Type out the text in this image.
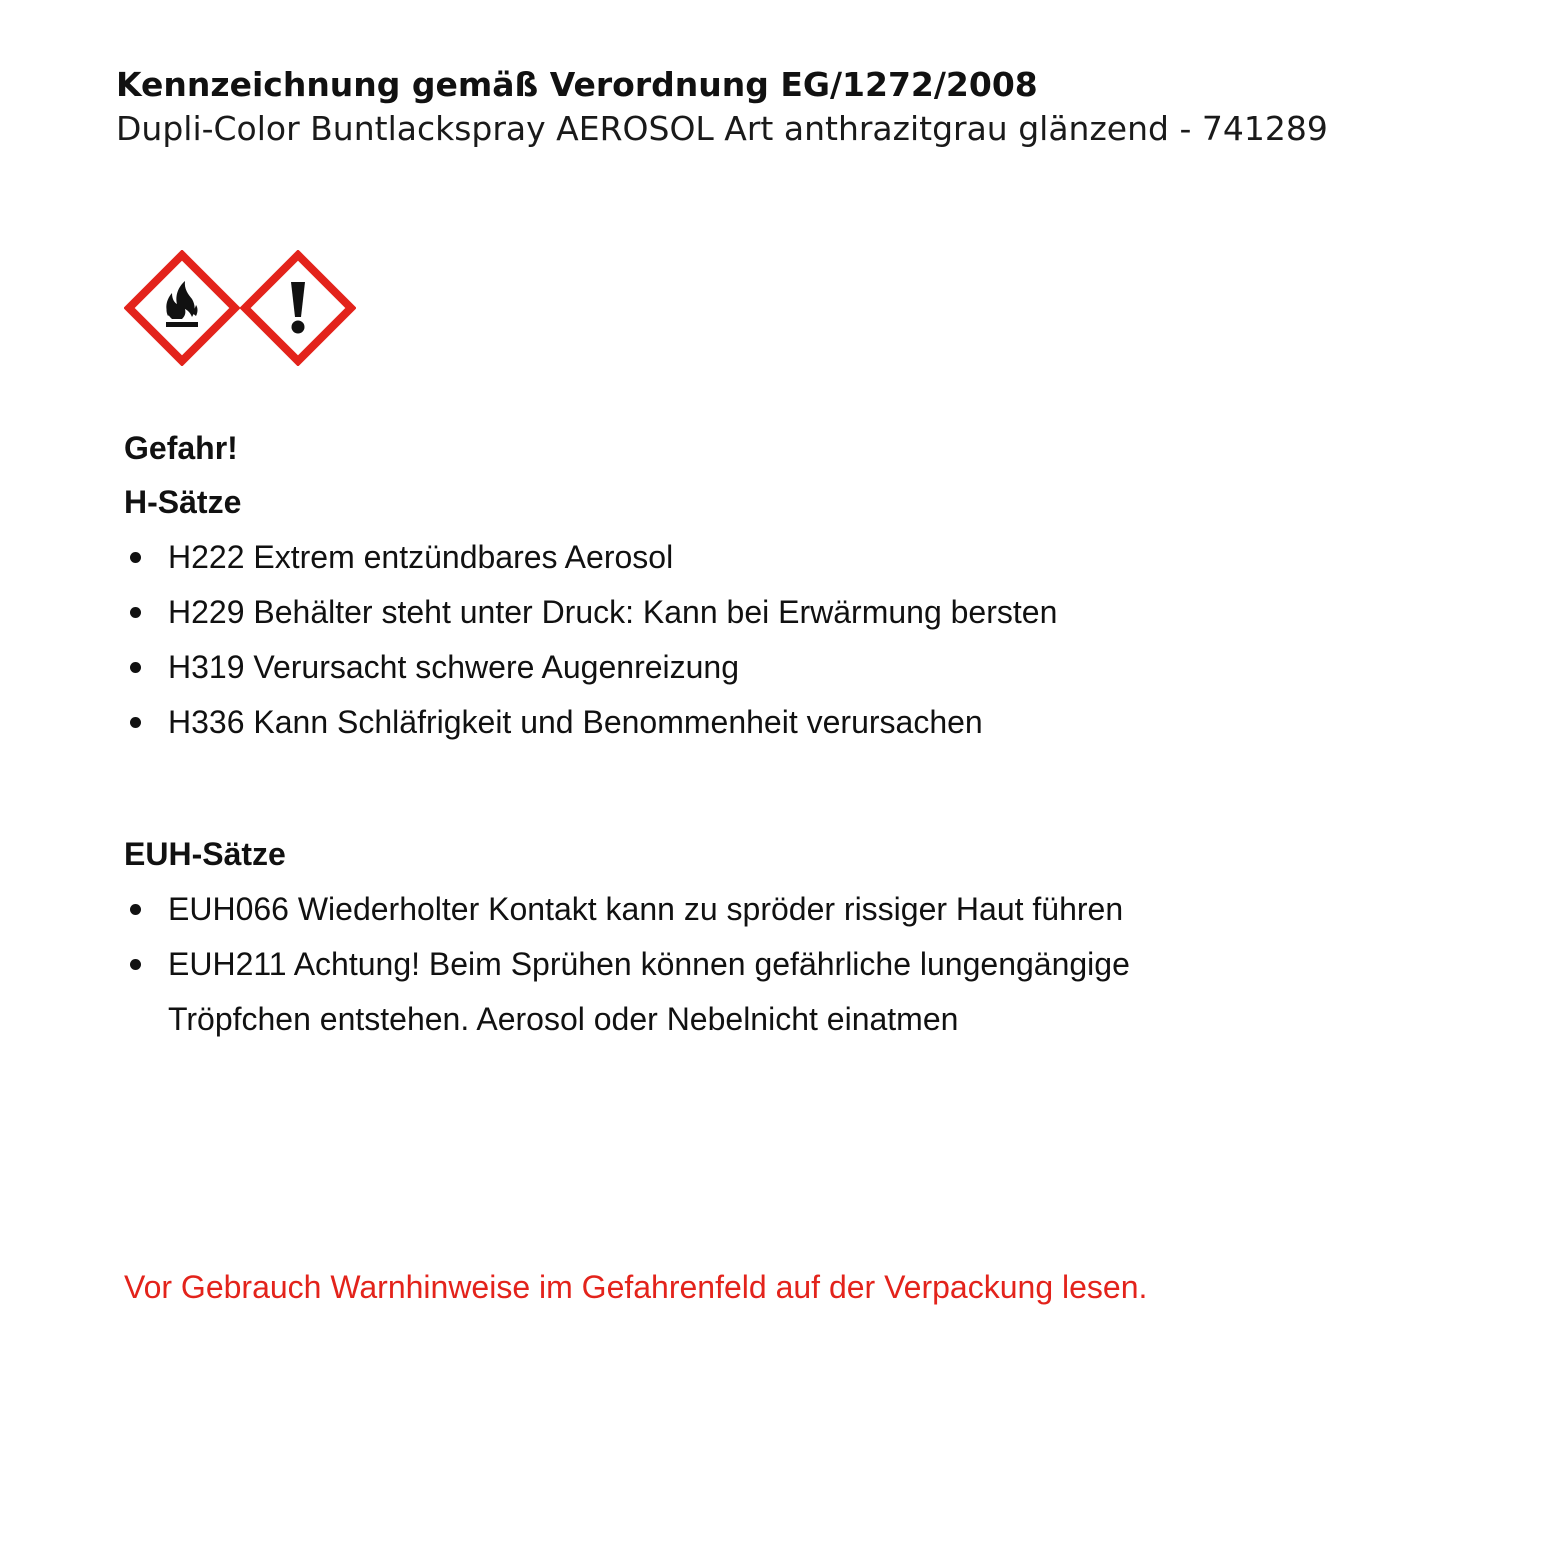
Kennzeichnung gemäß Verordnung EG/1272/2008
Dupli-Color Buntlackspray AEROSOL Art anthrazitgrau glänzend - 741289
Gefahr!
H-Sätze
H222 Extrem entzündbares Aerosol
H229 Behälter steht unter Druck: Kann bei Erwärmung bersten
H319 Verursacht schwere Augenreizung
H336 Kann Schläfrigkeit und Benommenheit verursachen
EUH-Sätze
EUH066 Wiederholter Kontakt kann zu spröder rissiger Haut führen
EUH211 Achtung! Beim Sprühen können gefährliche lungengängige Tröpfchen entstehen. Aerosol oder Nebelnicht einatmen
Vor Gebrauch Warnhinweise im Gefahrenfeld auf der Verpackung lesen.
